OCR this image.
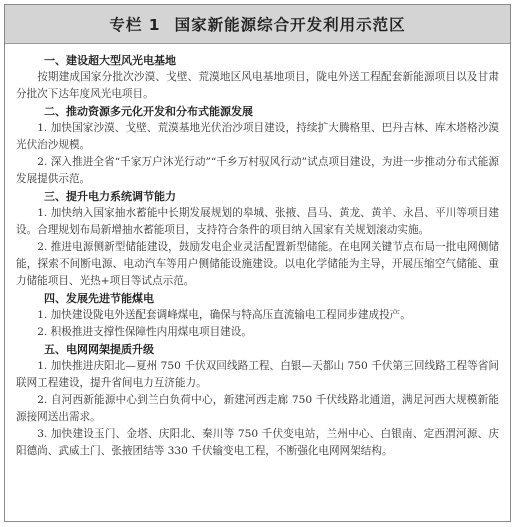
专栏 1 国家新能源综合开发利用示范区

一、建设超大型风光电基地

按期建成国家分批次沙漠、戈壁、荒漠地区风电基地项目，陇电外送工程配套新能源项目以及甘肃分批次下达年度风光电项目。

二、推动资源多元化开发和分布式能源发展

1. 加快国家沙漠、戈壁、荒漠基地光伏治沙项目建设，持续扩大腾格里、巴丹吉林、库木塔格沙漠光伏治沙规模。

2. 深入推进全省“千家万户沐光行动”“千乡万村驭风行动”试点项目建设，为进一步推动分布式能源发展提供示范。

三、提升电力系统调节能力

1. 加快纳入国家抽水蓄能中长期发展规划的皋城、张掖、昌马、黄龙、黄羊、永昌、平川等项目建设。合理规划布局新增抽水蓄能项目，支持符合条件的项目纳入国家有关规划滚动实施。

2. 推进电源侧新型储能建设，鼓励发电企业灵活配置新型储能。在电网关键节点布局一批电网侧储能，探索不间断电源、电动汽车等用户侧储能设施建设。以电化学储能为主导，开展压缩空气储能、重力储能项目、光热+项目等试点示范。

四、发展先进节能煤电

1. 加快建设陇电外送配套调峰煤电，确保与特高压直流输电工程同步建成投产。

2. 积极推进支撑性保障性内用煤电项目建设。

五、电网网架提质升级

1. 加快推进庆阳北—夏州 750 千伏双回线路工程、白银—天都山 750 千伏第三回线路工程等省间联网工程建设，提升省间电力互济能力。

2. 自河西新能源中心到兰白负荷中心，新建河西走廊 750 千伏线路北通道，满足河西大规模新能源接网送出需求。

3. 加快建设玉门、金塔、庆阳北、秦川等 750 千伏变电站，兰州中心、白银南、定西渭河源、庆阳德尚、武威土门、张掖团结等 330 千伏输变电工程，不断强化电网网架结构。
